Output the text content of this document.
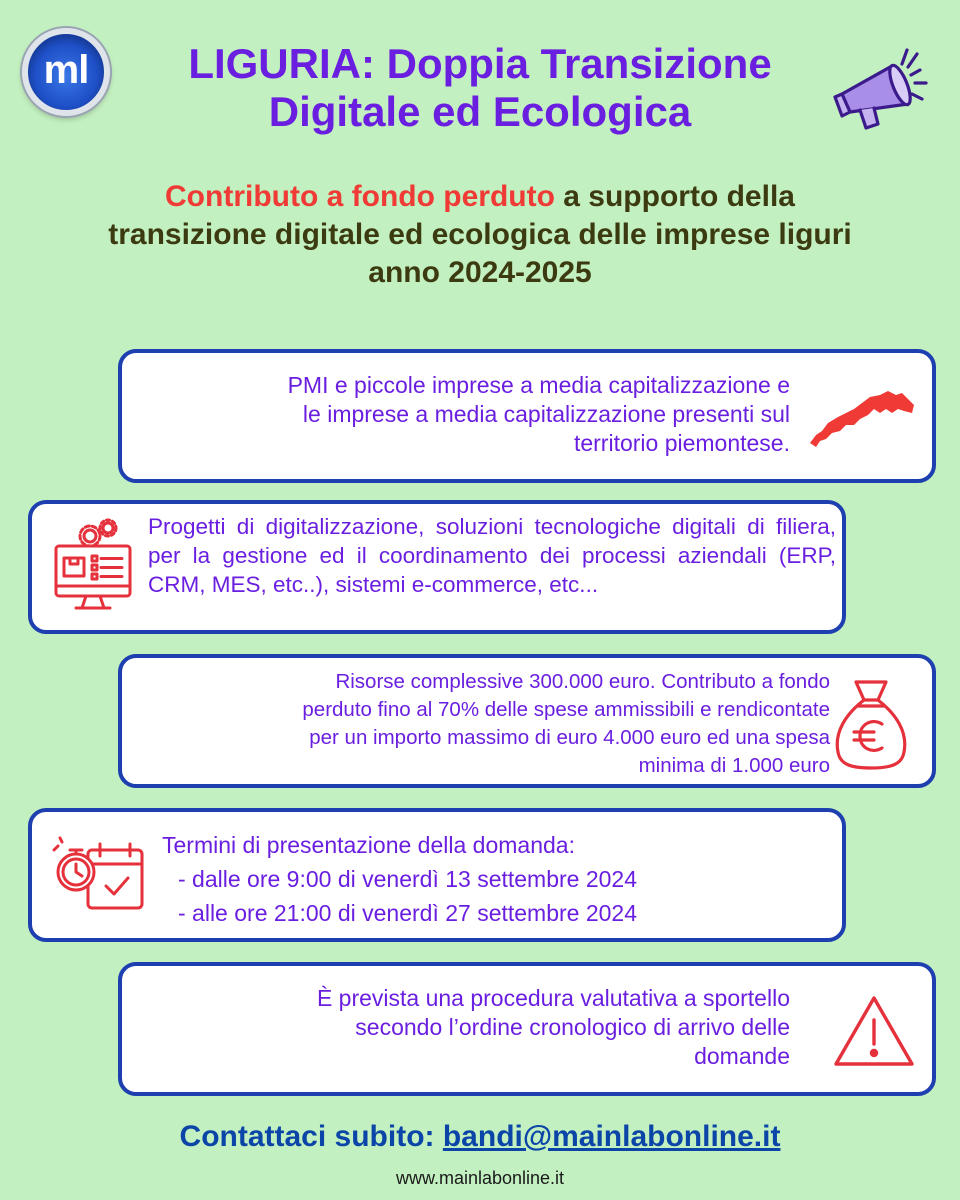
ml	LIGURIA: Doppia Transizione
Digitale ed Ecologica
Contributo a fondo perduto a supporto della
transizione digitale ed ecologica delle imprese liguri
anno 2024-2025
PMI e piccole imprese a media capitalizzazione e
le imprese a media capitalizzazione presenti sul
territorio piemontese.
Progetti di digitalizzazione, soluzioni tecnologiche digitali di filiera, per la gestione ed il coordinamento dei processi aziendali (ERP, CRM, MES, etc..), sistemi e-commerce, etc...
Risorse complessive 300.000 euro. Contributo a fondo
perduto fino al 70% delle spese ammissibili e rendicontate
per un importo massimo di euro 4.000 euro ed una spesa
minima di 1.000 euro
Termini di presentazione della domanda:
- dalle ore 9:00 di venerdì 13 settembre 2024
- alle ore 21:00 di venerdì 27 settembre 2024
È prevista una procedura valutativa a sportello
secondo l’ordine cronologico di arrivo delle
domande

Contattaci subito: bandi@mainlabonline.it

www.mainlabonline.it
